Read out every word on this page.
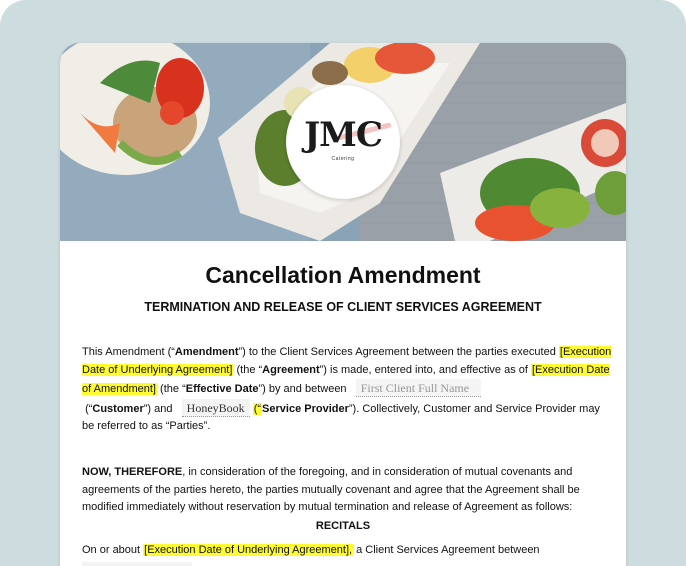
JMC
Catering
Cancellation Amendment
TERMINATION AND RELEASE OF CLIENT SERVICES AGREEMENT
This Amendment (“Amendment”) to the Client Services Agreement between the parties executed [Execution Date of Underlying Agreement] (the “Agreement”) is made, entered into, and effective as of [Execution Date of Amendment] (the “Effective Date”) by and between First Client Full Name
(“Customer”) and HoneyBook (“Service Provider”). Collectively, Customer and Service Provider may be referred to as “Parties”.
NOW, THEREFORE, in consideration of the foregoing, and in consideration of mutual covenants and agreements of the parties hereto, the parties mutually covenant and agree that the Agreement shall be modified immediately without reservation by mutual termination and release of Agreement as follows:
RECITALS
On or about [Execution Date of Underlying Agreement], a Client Services Agreement between
